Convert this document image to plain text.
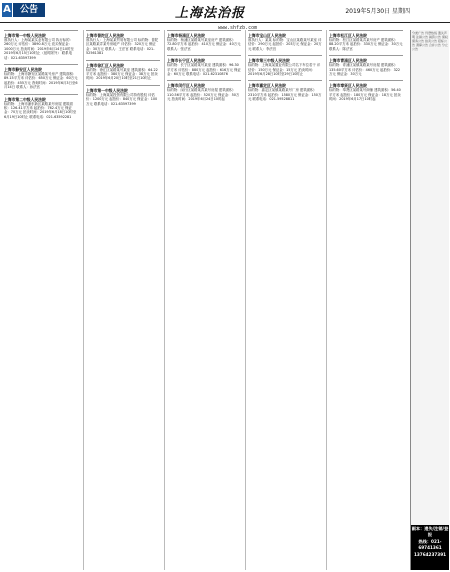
A	公告	上海法治报	2019年5月30日 星期四
www.shfzb.com
上海市第一中级人民法院
被执行人：上海某某实业有限公司 执行标的：260万元 评估价：3890.8万元 竞买保证金：1000万元 拍卖时间：2019年6月14日10时至2019年6月15日10时止（延时除外） 联系电话：021-63597399
上海市静安区人民法院
标的物：上海市静安区某路某号房产 建筑面积：89.15平方米 评估价：650万元 保证金：60万元 起拍价：455万元 咨询时间：2019年6月3日至6月14日 联系人：孙法官
上海市第二中级人民法院
标的物：上海市浦东新区某路某号房屋 建筑面积：126.41平方米 起拍价：762.4万元 保证金：70万元 拍卖时间：2019年6月18日10时至6月19日10时止 联系电话：021-63592281
上海市普陀区人民法院
被执行人：上海某某贸易有限公司 标的物：普陀区某路某弄某号房地产 评估价：320万元 保证金：30万元 联系人：王法官 联系电话：021-52561381
上海市徐汇区人民法院
标的物：徐汇区某路某号某室 建筑面积：64.22平方米 起拍价：380万元 保证金：38万元 拍卖时间：2019年6月20日10时至21日10时止
上海市第一中级人民法院
标的物：上海某某投资有限公司持有股权 评估价：1200万元 起拍价：840万元 保证金：100万元 联系电话：021-63597399
上海市杨浦区人民法院
标的物：杨浦区某路某号某室房产 建筑面积：72.80平方米 起拍价：410万元 保证金：40万元 联系人：张法官
上海市长宁区人民法院
标的物：长宁区某路某号某室 建筑面积：96.30平方米 评估价：880万元 起拍价：616万元 保证金：60万元 联系电话：021-62310876
上海市闵行区人民法院
标的物：闵行区某路某弄某号房屋 建筑面积：110.56平方米 起拍价：520万元 保证金：50万元 拍卖时间：2019年6月24日10时起
上海市宝山区人民法院
被执行人：某某 标的物：宝山区某路某号某室 评估价：290万元 起拍价：203万元 保证金：20万元 联系人：李法官
上海市第三中级人民法院
标的物：上海某某置业有限公司名下车位若干 评估价：150万元 保证金：15万元 拍卖时间：2019年6月28日10时至29日10时止
上海市嘉定区人民法院
标的物：嘉定区某镇某路某号厂房 建筑面积：2310平方米 起拍价：1580万元 保证金：150万元 联系电话：021-59528811
上海市松江区人民法院
标的物：松江区某路某弄某号房产 建筑面积：88.20平方米 起拍价：330万元 保证金：30万元 联系人：陈法官
上海市青浦区人民法院
标的物：青浦区某镇某路某号房屋 建筑面积：135.60平方米 评估价：460万元 起拍价：322万元 保证金：30万元
上海市奉贤区人民法院
标的物：奉贤区某路某号商铺 建筑面积：56.40平方米 起拍价：180万元 保证金：18万元 拍卖时间：2019年6月17日10时起
分类广告 刊登热线 遗失声明 注销公告 减资公告 债权债务公告 拍卖公告 招标公告 清算公告 合并公告 分立公告
副本：遗失/注销/登报
热线：021-69741361
13764237391
